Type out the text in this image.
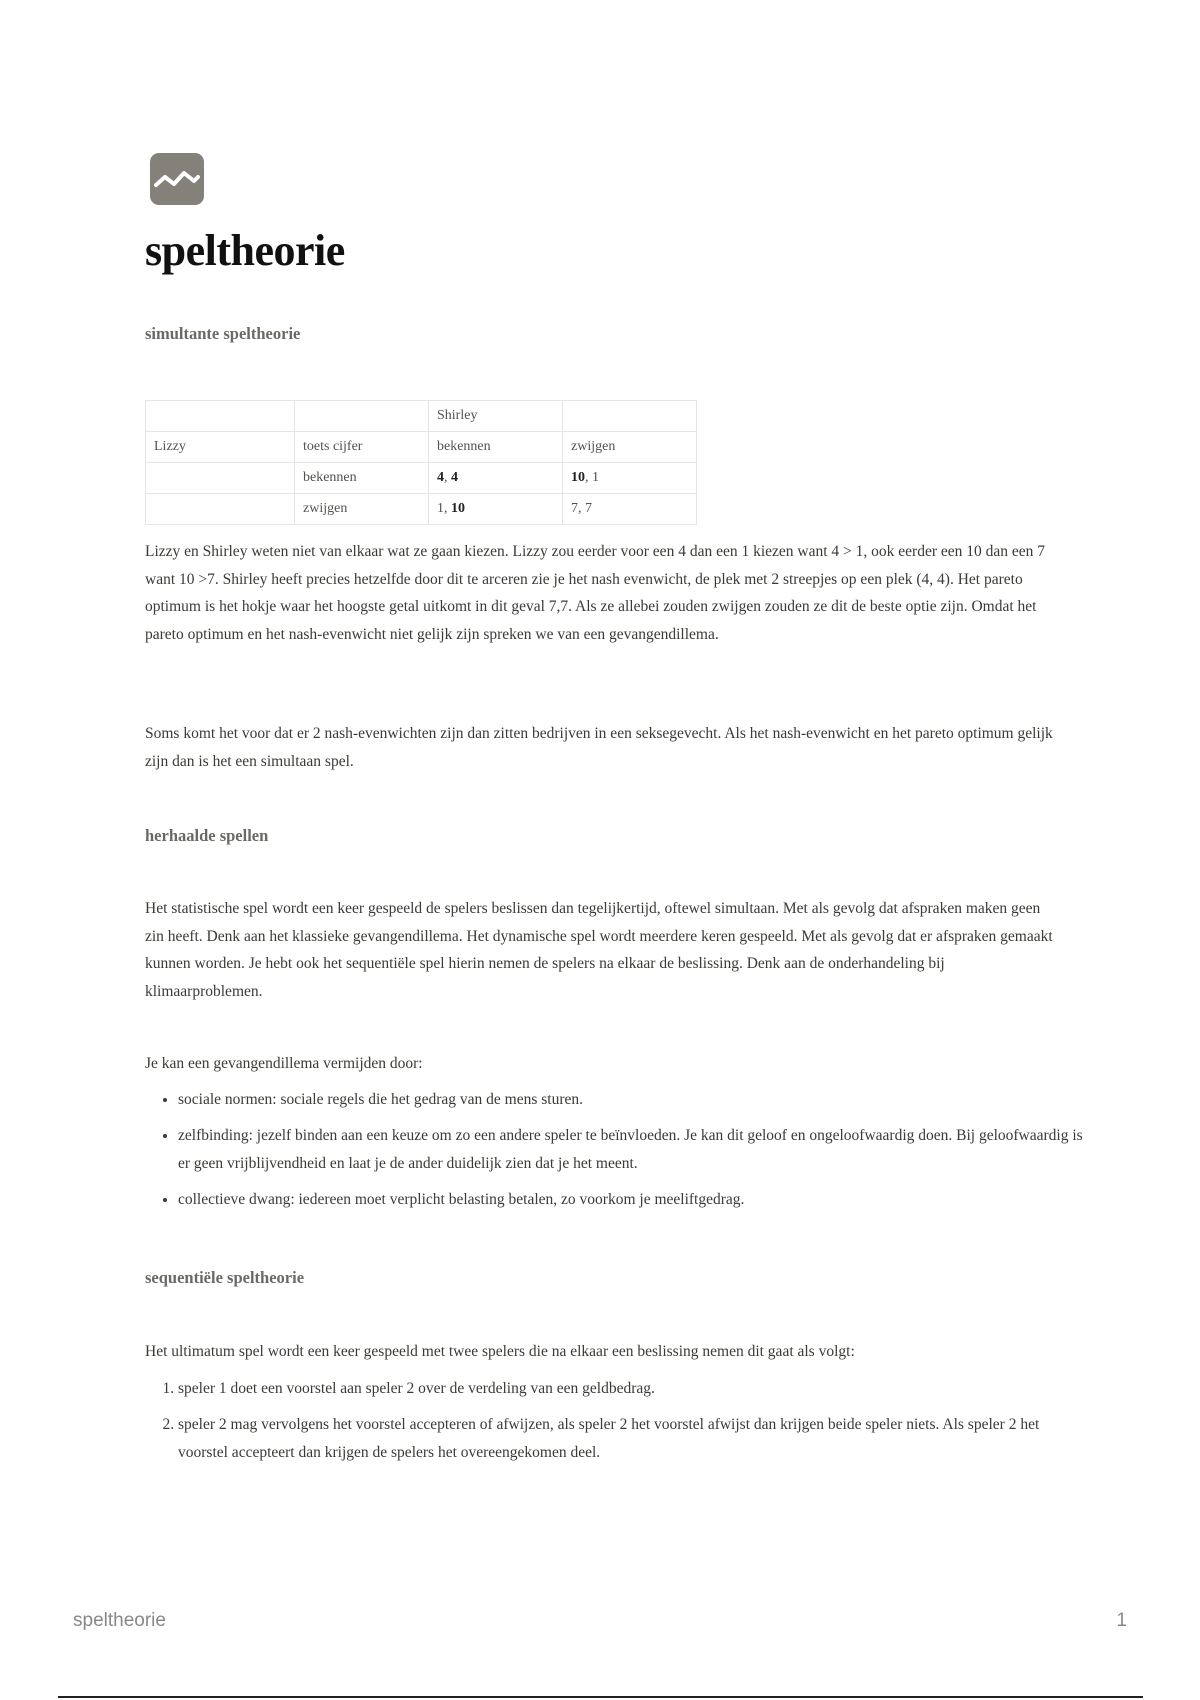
speltheorie
simultante speltheorie
		Shirley	
Lizzy	toets cijfer	bekennen	zwijgen
	bekennen	4, 4	10, 1
	zwijgen	1, 10	7, 7

Lizzy en Shirley weten niet van elkaar wat ze gaan kiezen. Lizzy zou eerder voor een 4 dan een 1 kiezen want 4 > 1, ook eerder een 10 dan een 7 want 10 >7. Shirley heeft precies hetzelfde door dit te arceren zie je het nash evenwicht, de plek met 2 streepjes op een plek (4, 4). Het pareto optimum is het hokje waar het hoogste getal uitkomt in dit geval 7,7. Als ze allebei zouden zwijgen zouden ze dit de beste optie zijn. Omdat het pareto optimum en het nash-evenwicht niet gelijk zijn spreken we van een gevangendillema.

Soms komt het voor dat er 2 nash-evenwichten zijn dan zitten bedrijven in een seksegevecht. Als het nash-evenwicht en het pareto optimum gelijk zijn dan is het een simultaan spel.

herhaalde spellen

Het statistische spel wordt een keer gespeeld de spelers beslissen dan tegelijkertijd, oftewel simultaan. Met als gevolg dat afspraken maken geen zin heeft. Denk aan het klassieke gevangendillema. Het dynamische spel wordt meerdere keren gespeeld. Met als gevolg dat er afspraken gemaakt kunnen worden. Je hebt ook het sequentiële spel hierin nemen de spelers na elkaar de beslissing. Denk aan de onderhandeling bij klimaarproblemen.

Je kan een gevangendillema vermijden door:

• sociale normen: sociale regels die het gedrag van de mens sturen.
• zelfbinding: jezelf binden aan een keuze om zo een andere speler te beïnvloeden. Je kan dit geloof en ongeloofwaardig doen. Bij geloofwaardig is er geen vrijblijvendheid en laat je de ander duidelijk zien dat je het meent.
• collectieve dwang: iedereen moet verplicht belasting betalen, zo voorkom je meeliftgedrag.
sequentiële speltheorie

Het ultimatum spel wordt een keer gespeeld met twee spelers die na elkaar een beslissing nemen dit gaat als volgt:

1. speler 1 doet een voorstel aan speler 2 over de verdeling van een geldbedrag.
2. speler 2 mag vervolgens het voorstel accepteren of afwijzen, als speler 2 het voorstel afwijst dan krijgen beide speler niets. Als speler 2 het voorstel accepteert dan krijgen de spelers het overeengekomen deel.
speltheorie	1
